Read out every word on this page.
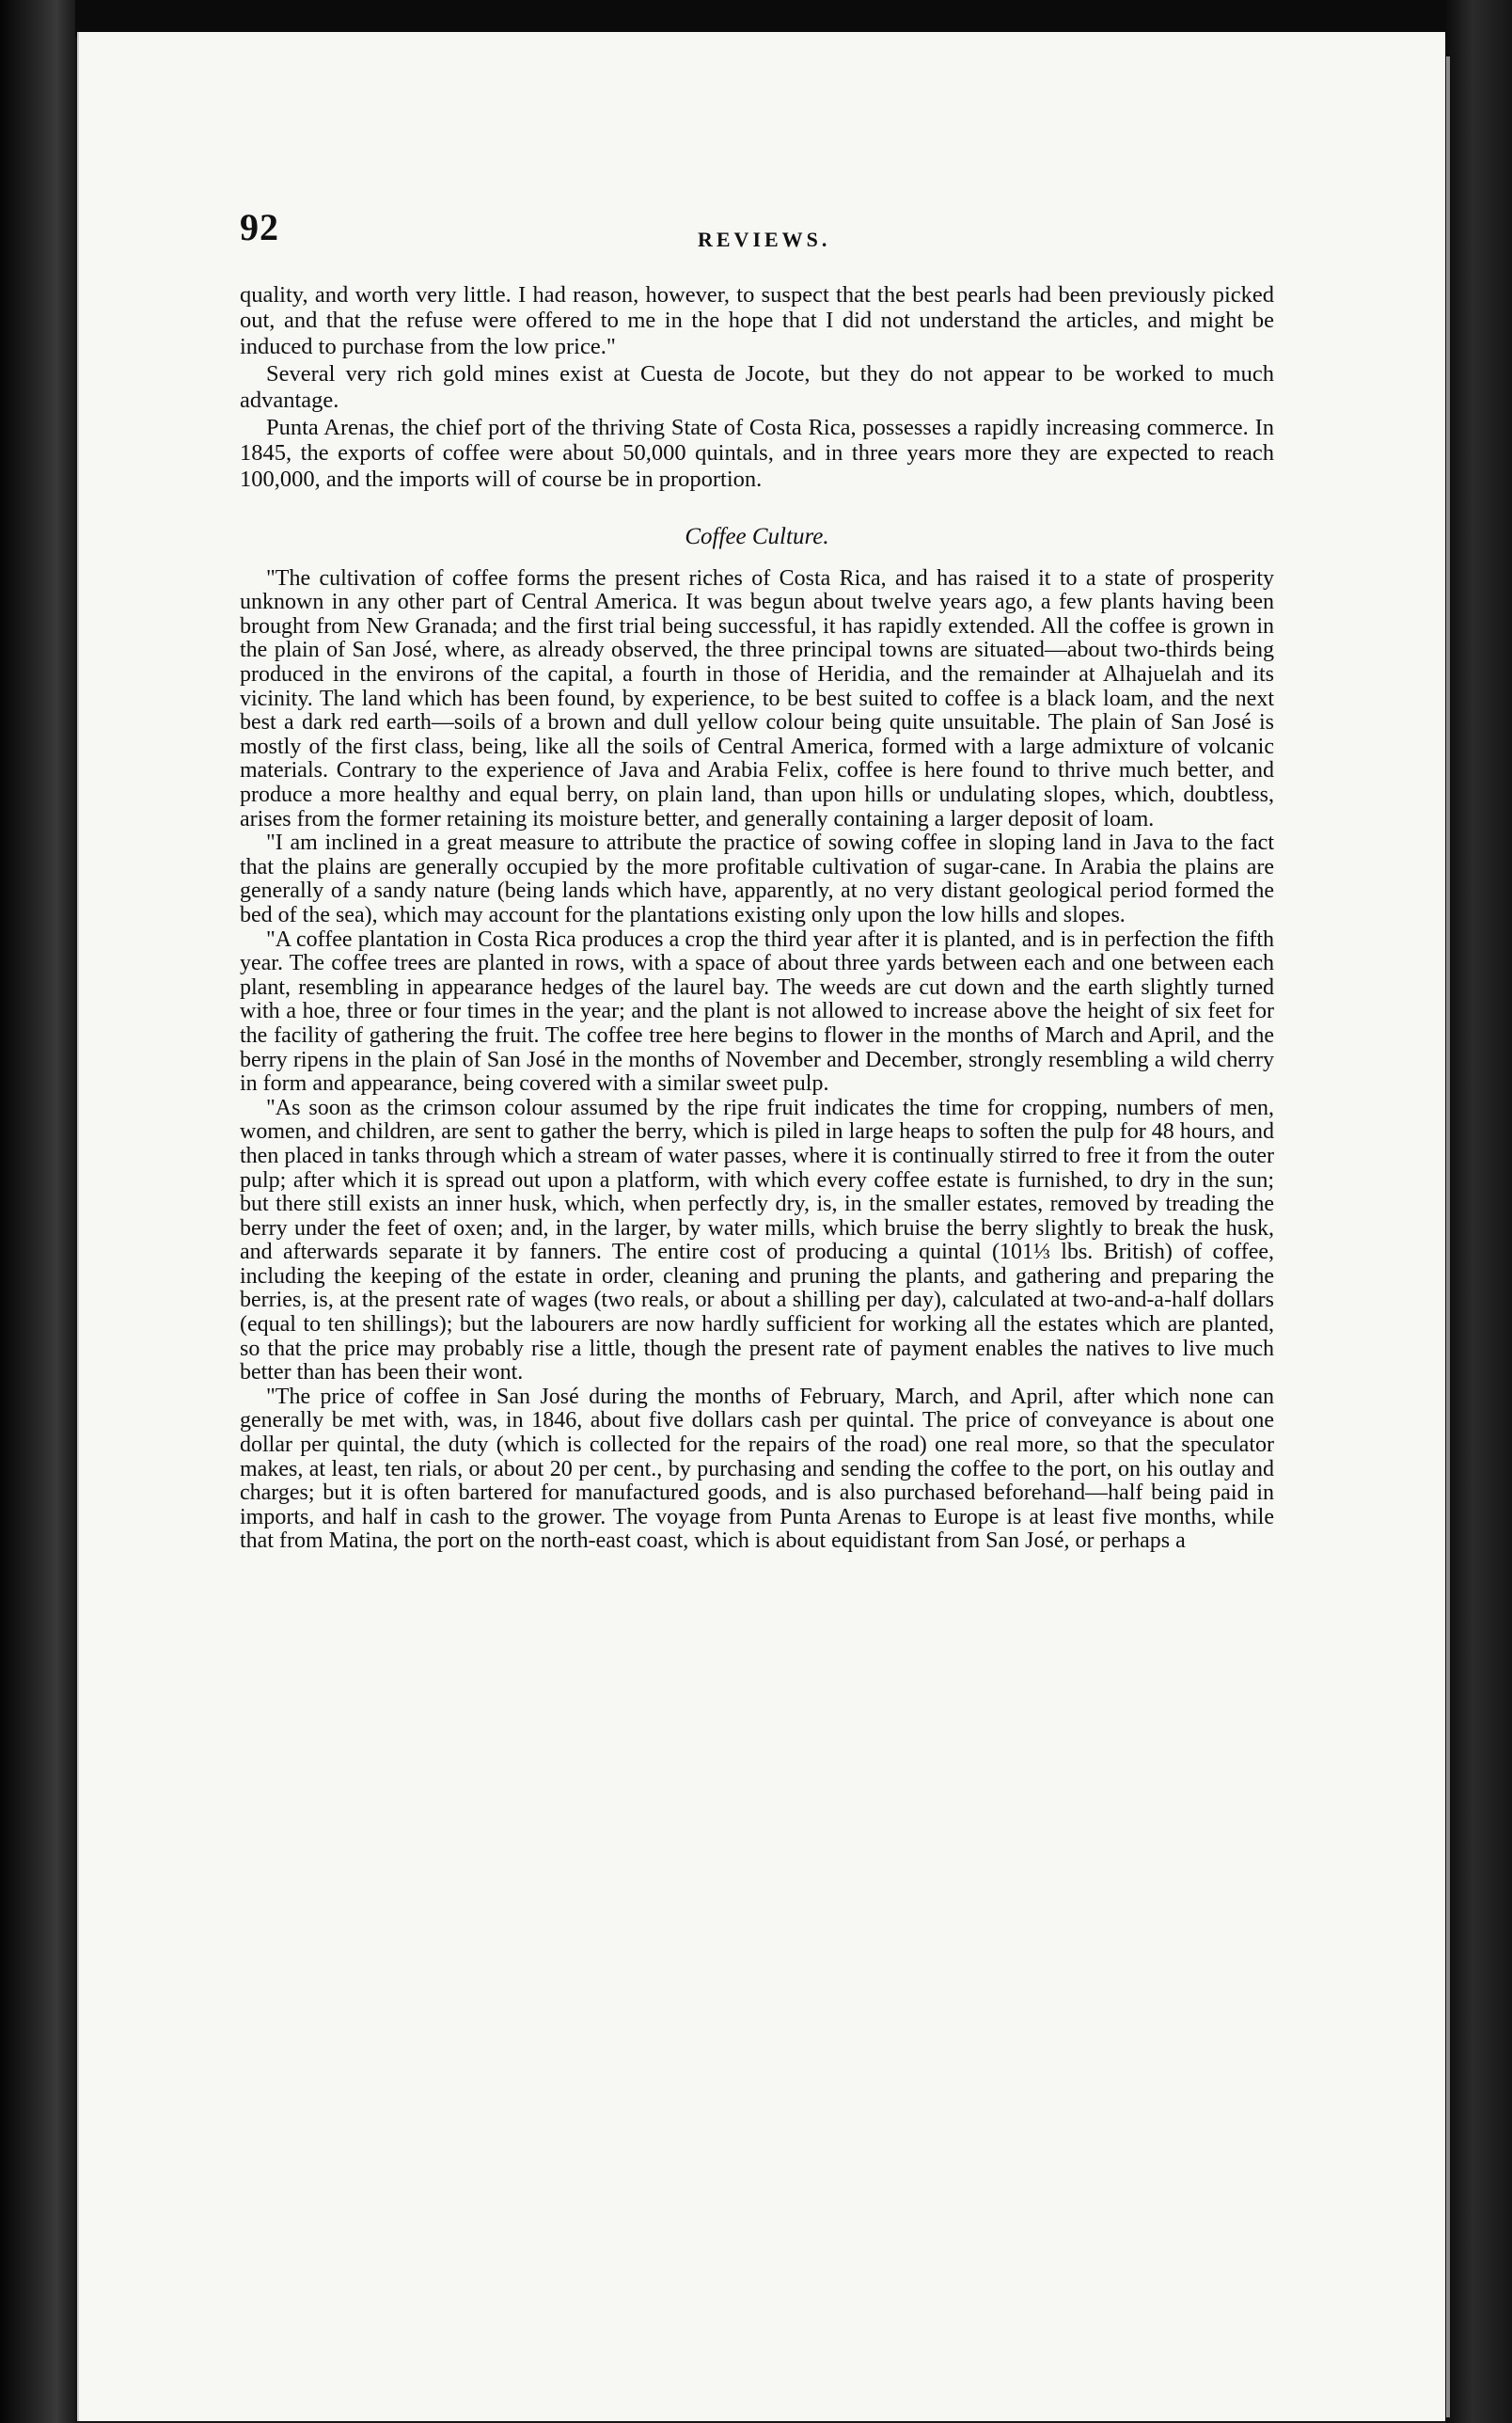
92	REVIEWS.

quality, and worth very little. I had reason, however, to suspect that the best pearls had been previously picked out, and that the refuse were offered to me in the hope that I did not understand the articles, and might be induced to purchase from the low price."

Several very rich gold mines exist at Cuesta de Jocote, but they do not appear to be worked to much advantage.

Punta Arenas, the chief port of the thriving State of Costa Rica, possesses a rapidly increasing commerce. In 1845, the exports of coffee were about 50,000 quintals, and in three years more they are expected to reach 100,000, and the imports will of course be in proportion.

Coffee Culture.

"The cultivation of coffee forms the present riches of Costa Rica, and has raised it to a state of prosperity unknown in any other part of Central America. It was begun about twelve years ago, a few plants having been brought from New Granada; and the first trial being successful, it has rapidly extended. All the coffee is grown in the plain of San José, where, as already observed, the three principal towns are situated—about two-thirds being produced in the environs of the capital, a fourth in those of Heridia, and the remainder at Alhajuelah and its vicinity. The land which has been found, by experience, to be best suited to coffee is a black loam, and the next best a dark red earth—soils of a brown and dull yellow colour being quite unsuitable. The plain of San José is mostly of the first class, being, like all the soils of Central America, formed with a large admixture of volcanic materials. Contrary to the experience of Java and Arabia Felix, coffee is here found to thrive much better, and produce a more healthy and equal berry, on plain land, than upon hills or undulating slopes, which, doubtless, arises from the former retaining its moisture better, and generally containing a larger deposit of loam.

"I am inclined in a great measure to attribute the practice of sowing coffee in sloping land in Java to the fact that the plains are generally occupied by the more profitable cultivation of sugar-cane. In Arabia the plains are generally of a sandy nature (being lands which have, apparently, at no very distant geological period formed the bed of the sea), which may account for the plantations existing only upon the low hills and slopes.

"A coffee plantation in Costa Rica produces a crop the third year after it is planted, and is in perfection the fifth year. The coffee trees are planted in rows, with a space of about three yards between each and one between each plant, resembling in appearance hedges of the laurel bay. The weeds are cut down and the earth slightly turned with a hoe, three or four times in the year; and the plant is not allowed to increase above the height of six feet for the facility of gathering the fruit. The coffee tree here begins to flower in the months of March and April, and the berry ripens in the plain of San José in the months of November and December, strongly resembling a wild cherry in form and appearance, being covered with a similar sweet pulp.

"As soon as the crimson colour assumed by the ripe fruit indicates the time for cropping, numbers of men, women, and children, are sent to gather the berry, which is piled in large heaps to soften the pulp for 48 hours, and then placed in tanks through which a stream of water passes, where it is continually stirred to free it from the outer pulp; after which it is spread out upon a platform, with which every coffee estate is furnished, to dry in the sun; but there still exists an inner husk, which, when perfectly dry, is, in the smaller estates, removed by treading the berry under the feet of oxen; and, in the larger, by water mills, which bruise the berry slightly to break the husk, and afterwards separate it by fanners. The entire cost of producing a quintal (101⅓ lbs. British) of coffee, including the keeping of the estate in order, cleaning and pruning the plants, and gathering and preparing the berries, is, at the present rate of wages (two reals, or about a shilling per day), calculated at two-and-a-half dollars (equal to ten shillings); but the labourers are now hardly sufficient for working all the estates which are planted, so that the price may probably rise a little, though the present rate of payment enables the natives to live much better than has been their wont.

"The price of coffee in San José during the months of February, March, and April, after which none can generally be met with, was, in 1846, about five dollars cash per quintal. The price of conveyance is about one dollar per quintal, the duty (which is collected for the repairs of the road) one real more, so that the speculator makes, at least, ten rials, or about 20 per cent., by purchasing and sending the coffee to the port, on his outlay and charges; but it is often bartered for manufactured goods, and is also purchased beforehand—half being paid in imports, and half in cash to the grower. The voyage from Punta Arenas to Europe is at least five months, while that from Matina, the port on the north-east coast, which is about equidistant from San José, or perhaps a
